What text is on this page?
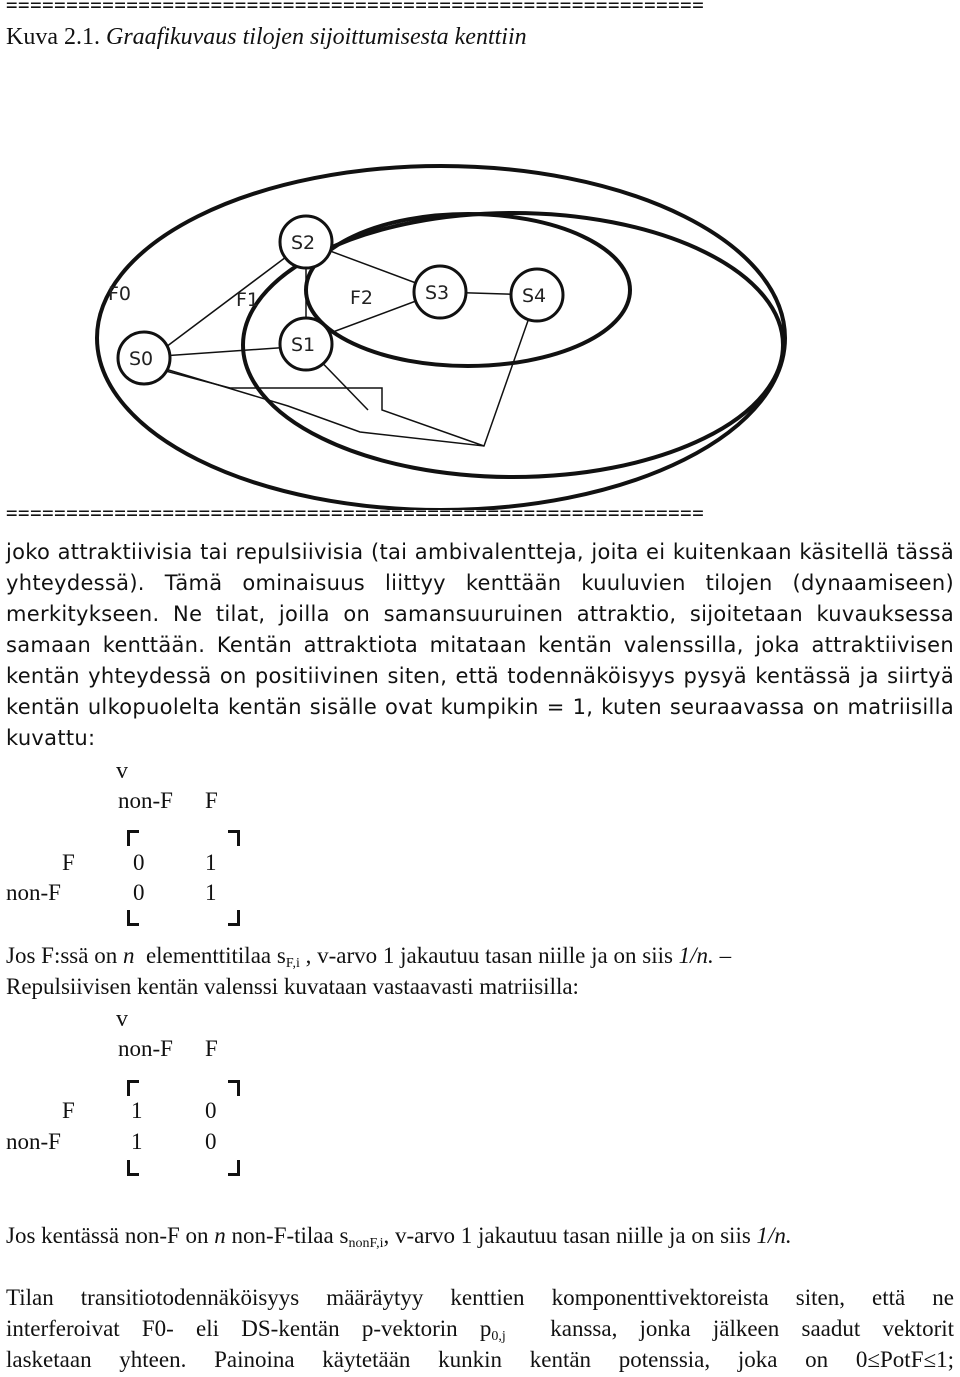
==========================================================
Kuva 2.1. Graafikuvaus tilojen sijoittumisesta kenttiin
F0	F1	F2
S2
S1
S0
S3	S4
==========================================================
joko attraktiivisia tai repulsiivisia (tai ambivalentteja, joita ei kuitenkaan käsitellä tässä
yhteydessä). Tämä ominaisuus liittyy kenttään kuuluvien tilojen (dynaamiseen)
merkitykseen. Ne tilat, joilla on samansuuruinen attraktio, sijoitetaan kuvauksessa
samaan kenttään. Kentän attraktiota mitataan kentän valenssilla, joka attraktiivisen
kentän yhteydessä on positiivinen siten, että todennäköisyys pysyä kentässä ja siirtyä
kentän ulkopuolelta kentän sisälle ovat kumpikin = 1, kuten seuraavassa on matriisilla
kuvattu:
v
non-F F
F	0	1
non-F	0	1
Jos F:ssä on n elementtitilaa $s_{F,i}$ , v-arvo 1 jakautuu tasan niille ja on siis 1/n. –
Repulsiivisen kentän valenssi kuvataan vastaavasti matriisilla:
v
non-F F
F 1	0
non-F	1	0
Jos kentässä non-F on n non-F-tilaa $s_{nonF,i}$, v-arvo 1 jakautuu tasan niille ja on siis 1/n.
Tilan transitiotodennäköisyys määräytyy kenttien komponenttivektoreista siten, että ne
interferoivat F0- eli DS-kentän p-vektorin $p_{0,j}$ kanssa, jonka jälkeen saadut vektorit
lasketaan yhteen. Painoina käytetään kunkin kentän potenssia, joka on 0≤PotF≤1;
